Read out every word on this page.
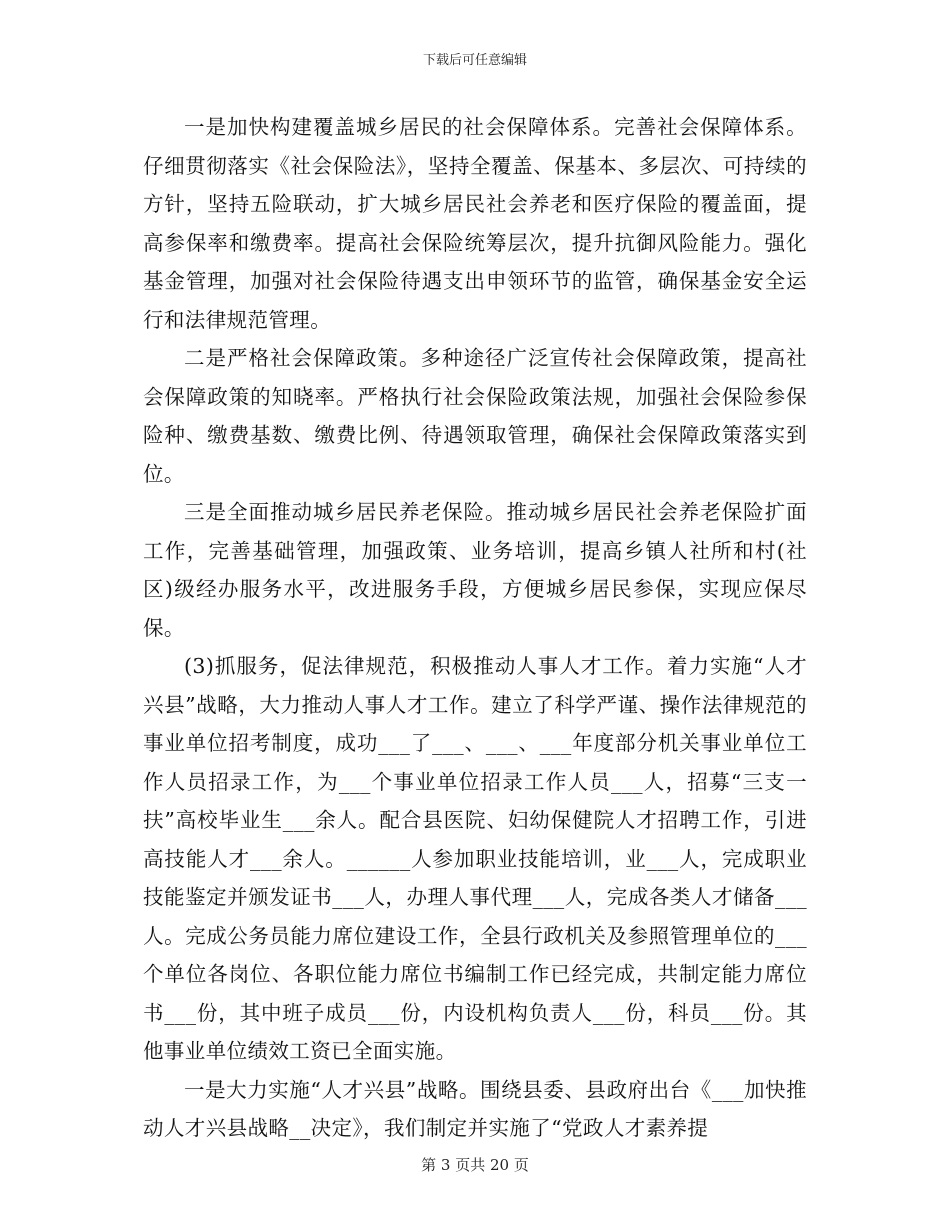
下载后可任意编辑

一是加快构建覆盖城乡居民的社会保障体系。完善社会保障体系。仔细贯彻落实《社会保险法》，坚持全覆盖、保基本、多层次、可持续的方针，坚持五险联动，扩大城乡居民社会养老和医疗保险的覆盖面，提高参保率和缴费率。提高社会保险统筹层次，提升抗御风险能力。强化基金管理，加强对社会保险待遇支出申领环节的监管，确保基金安全运行和法律规范管理。

二是严格社会保障政策。多种途径广泛宣传社会保障政策，提高社会保障政策的知晓率。严格执行社会保险政策法规，加强社会保险参保险种、缴费基数、缴费比例、待遇领取管理，确保社会保障政策落实到位。

三是全面推动城乡居民养老保险。推动城乡居民社会养老保险扩面工作，完善基础管理，加强政策、业务培训，提高乡镇人社所和村(社区)级经办服务水平，改进服务手段，方便城乡居民参保，实现应保尽保。

(3)抓服务，促法律规范，积极推动人事人才工作。着力实施“人才兴县”战略，大力推动人事人才工作。建立了科学严谨、操作法律规范的事业单位招考制度，成功___了___、___、___年度部分机关事业单位工作人员招录工作，为___个事业单位招录工作人员___人，招募“三支一扶”高校毕业生___余人。配合县医院、妇幼保健院人才招聘工作，引进高技能人才___余人。______人参加职业技能培训，业___人，完成职业技能鉴定并颁发证书___人，办理人事代理___人，完成各类人才储备___人。完成公务员能力席位建设工作，全县行政机关及参照管理单位的___个单位各岗位、各职位能力席位书编制工作已经完成，共制定能力席位书___份，其中班子成员___份，内设机构负责人___份，科员___份。其他事业单位绩效工资已全面实施。

一是大力实施“人才兴县”战略。围绕县委、县政府出台《___加快推动人才兴县战略__决定》，我们制定并实施了“党政人才素养提

第 3 页共 20 页
